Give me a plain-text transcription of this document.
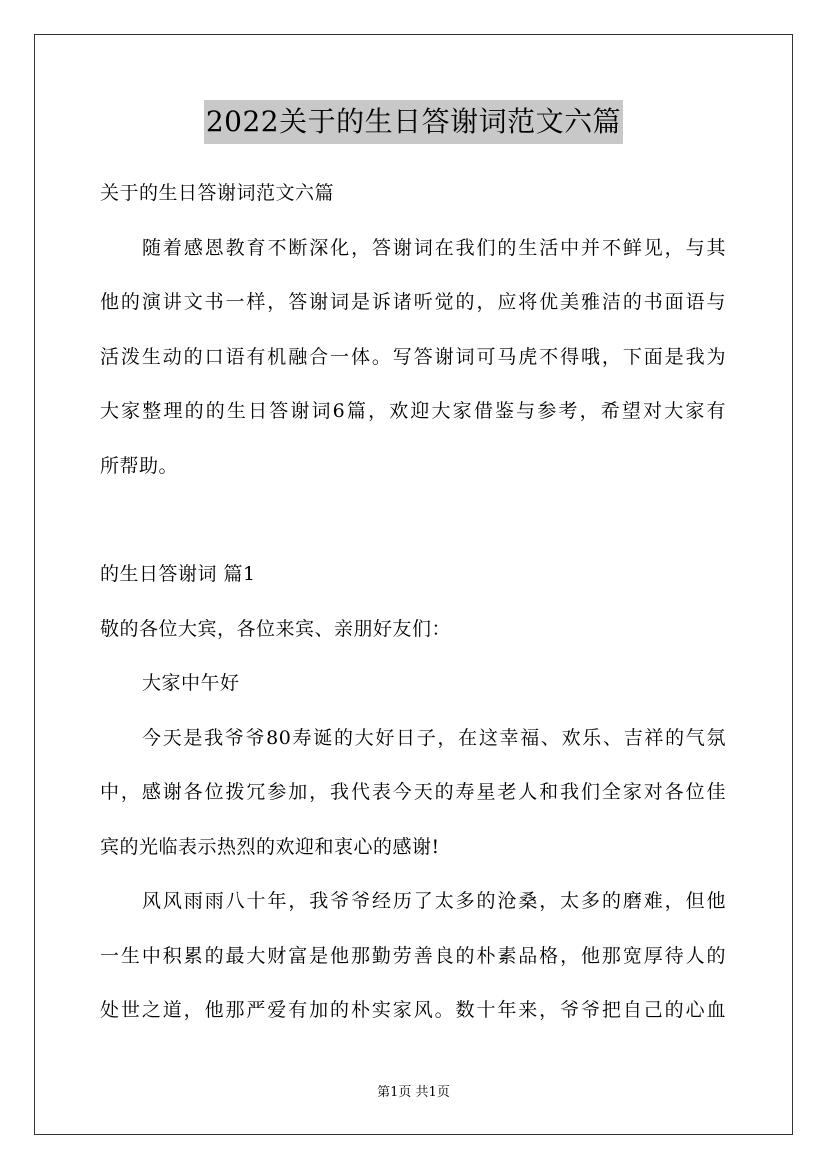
2022关于的生日答谢词范文六篇
关于的生日答谢词范文六篇
随着感恩教育不断深化，答谢词在我们的生活中并不鲜见，与其
他的演讲文书一样，答谢词是诉诸听觉的，应将优美雅洁的书面语与
活泼生动的口语有机融合一体。写答谢词可马虎不得哦，下面是我为
大家整理的的生日答谢词6篇，欢迎大家借鉴与参考，希望对大家有
所帮助。
的生日答谢词 篇1
敬的各位大宾，各位来宾、亲朋好友们：
大家中午好
今天是我爷爷80寿诞的大好日子，在这幸福、欢乐、吉祥的气氛
中，感谢各位拨冗参加，我代表今天的寿星老人和我们全家对各位佳
宾的光临表示热烈的欢迎和衷心的感谢!
风风雨雨八十年，我爷爷经历了太多的沧桑，太多的磨难，但他
一生中积累的最大财富是他那勤劳善良的朴素品格，他那宽厚待人的
处世之道，他那严爱有加的朴实家风。数十年来，爷爷把自己的心血
第1页 共1页
